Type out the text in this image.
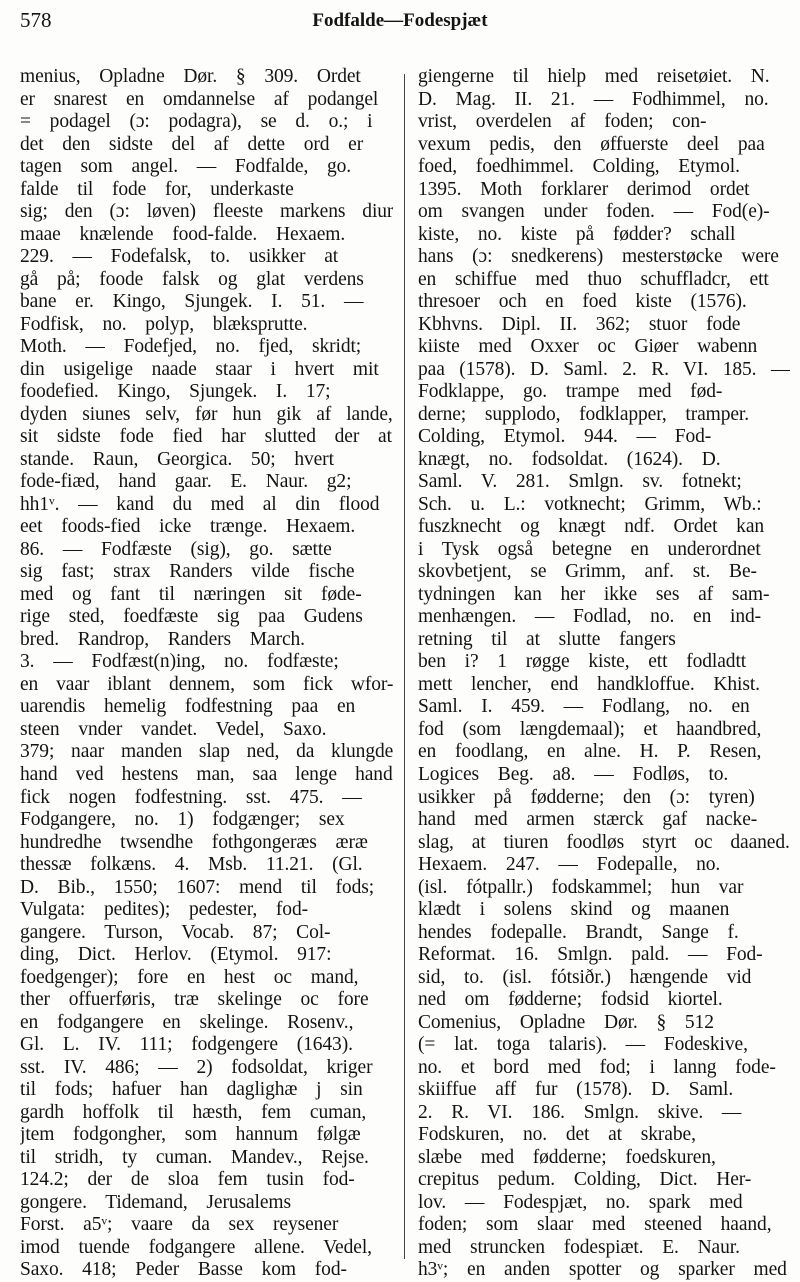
578	Fodfalde—Fodespjæt
menius, Opladne Dør. § 309. Ordet
er snarest en omdannelse af podangel
= podagel (ɔ: podagra), se d. o.; i
det den sidste del af dette ord er
tagen som angel. — Fodfalde, go.
falde til fode for, underkaste
sig; den (ɔ: løven) fleeste markens diur
maae knælende food-falde. Hexaem.
229. — Fodefalsk, to. usikker at
gå på; foode falsk og glat verdens
bane er. Kingo, Sjungek. I. 51. —
Fodfisk, no. polyp, blæksprutte.
Moth. — Fodefjed, no. fjed, skridt;
din usigelige naade staar i hvert mit
foodefied. Kingo, Sjungek. I. 17;
dyden siunes selv, før hun gik af lande,
sit sidste fode fied har slutted der at
stande. Raun, Georgica. 50; hvert
fode-fiæd, hand gaar. E. Naur. g2;
hh1ᵛ. — kand du med al din flood
eet foods-fied icke trænge. Hexaem.
86. — Fodfæste (sig), go. sætte
sig fast; strax Randers vilde fische
med og fant til næringen sit føde-
rige sted, foedfæste sig paa Gudens
bred. Randrop, Randers March.
3. — Fodfæst(n)ing, no. fodfæste;
en vaar iblant dennem, som fick wfor-
uarendis hemelig fodfestning paa en
steen vnder vandet. Vedel, Saxo.
379; naar manden slap ned, da klungde
hand ved hestens man, saa lenge hand
fick nogen fodfestning. sst. 475. —
Fodgangere, no. 1) fodgænger; sex
hundredhe twsendhe fothgongeræs æræ
thessæ folkæns. 4. Msb. 11.21. (Gl.
D. Bib., 1550; 1607: mend til fods;
Vulgata: pedites); pedester, fod-
gangere. Turson, Vocab. 87; Col-
ding, Dict. Herlov. (Etymol. 917:
foedgenger); fore en hest oc mand,
ther offuerføris, træ skelinge oc fore
en fodgangere en skelinge. Rosenv.,
Gl. L. IV. 111; fodgengere (1643).
sst. IV. 486; — 2) fodsoldat, kriger
til fods; hafuer han daglighæ j sin
gardh hoffolk til hæsth, fem cuman,
jtem fodgongher, som hannum følgæ
til stridh, ty cuman. Mandev., Rejse.
124.2; der de sloa fem tusin fod-
gongere. Tidemand, Jerusalems
Forst. a5ᵛ; vaare da sex reysener
imod tuende fodgangere allene. Vedel,
Saxo. 418; Peder Basse kom fod-
giengerne til hielp med reisetøiet. N.
D. Mag. II. 21. — Fodhimmel, no.
vrist, overdelen af foden; con-
vexum pedis, den øffuerste deel paa
foed, foedhimmel. Colding, Etymol.
1395. Moth forklarer derimod ordet
om svangen under foden. — Fod(e)-
kiste, no. kiste på fødder? schall
hans (ɔ: snedkerens) mesterstøcke were
en schiffue med thuo schuffladcr, ett
thresoer och en foed kiste (1576).
Kbhvns. Dipl. II. 362; stuor fode
kiiste med Oxxer oc Giøer wabenn
paa (1578). D. Saml. 2. R. VI. 185. —
Fodklappe, go. trampe med fød-
derne; supplodo, fodklapper, tramper.
Colding, Etymol. 944. — Fod-
knægt, no. fodsoldat. (1624). D.
Saml. V. 281. Smlgn. sv. fotnekt;
Sch. u. L.: votknecht; Grimm, Wb.:
fuszknecht og knægt ndf. Ordet kan
i Tysk også betegne en underordnet
skovbetjent, se Grimm, anf. st. Be-
tydningen kan her ikke ses af sam-
menhængen. — Fodlad, no. en ind-
retning til at slutte fangers
ben i? 1 røgge kiste, ett fodladtt
mett lencher, end handkloffue. Khist.
Saml. I. 459. — Fodlang, no. en
fod (som længdemaal); et haandbred,
en foodlang, en alne. H. P. Resen,
Logices Beg. a8. — Fodløs, to.
usikker på fødderne; den (ɔ: tyren)
hand med armen stærck gaf nacke-
slag, at tiuren foodløs styrt oc daaned.
Hexaem. 247. — Fodepalle, no.
(isl. fótpallr.) fodskammel; hun var
klædt i solens skind og maanen
hendes fodepalle. Brandt, Sange f.
Reformat. 16. Smlgn. pald. — Fod-
sid, to. (isl. fótsiðr.) hængende vid
ned om fødderne; fodsid kiortel.
Comenius, Opladne Dør. § 512
(= lat. toga talaris). — Fodeskive,
no. et bord med fod; i lanng fode-
skiiffue aff fur (1578). D. Saml.
2. R. VI. 186. Smlgn. skive. —
Fodskuren, no. det at skrabe,
slæbe med fødderne; foedskuren,
crepitus pedum. Colding, Dict. Her-
lov. — Fodespjæt, no. spark med
foden; som slaar med steened haand,
med struncken fodespiæt. E. Naur.
h3ᵛ; en anden spotter og sparker med
